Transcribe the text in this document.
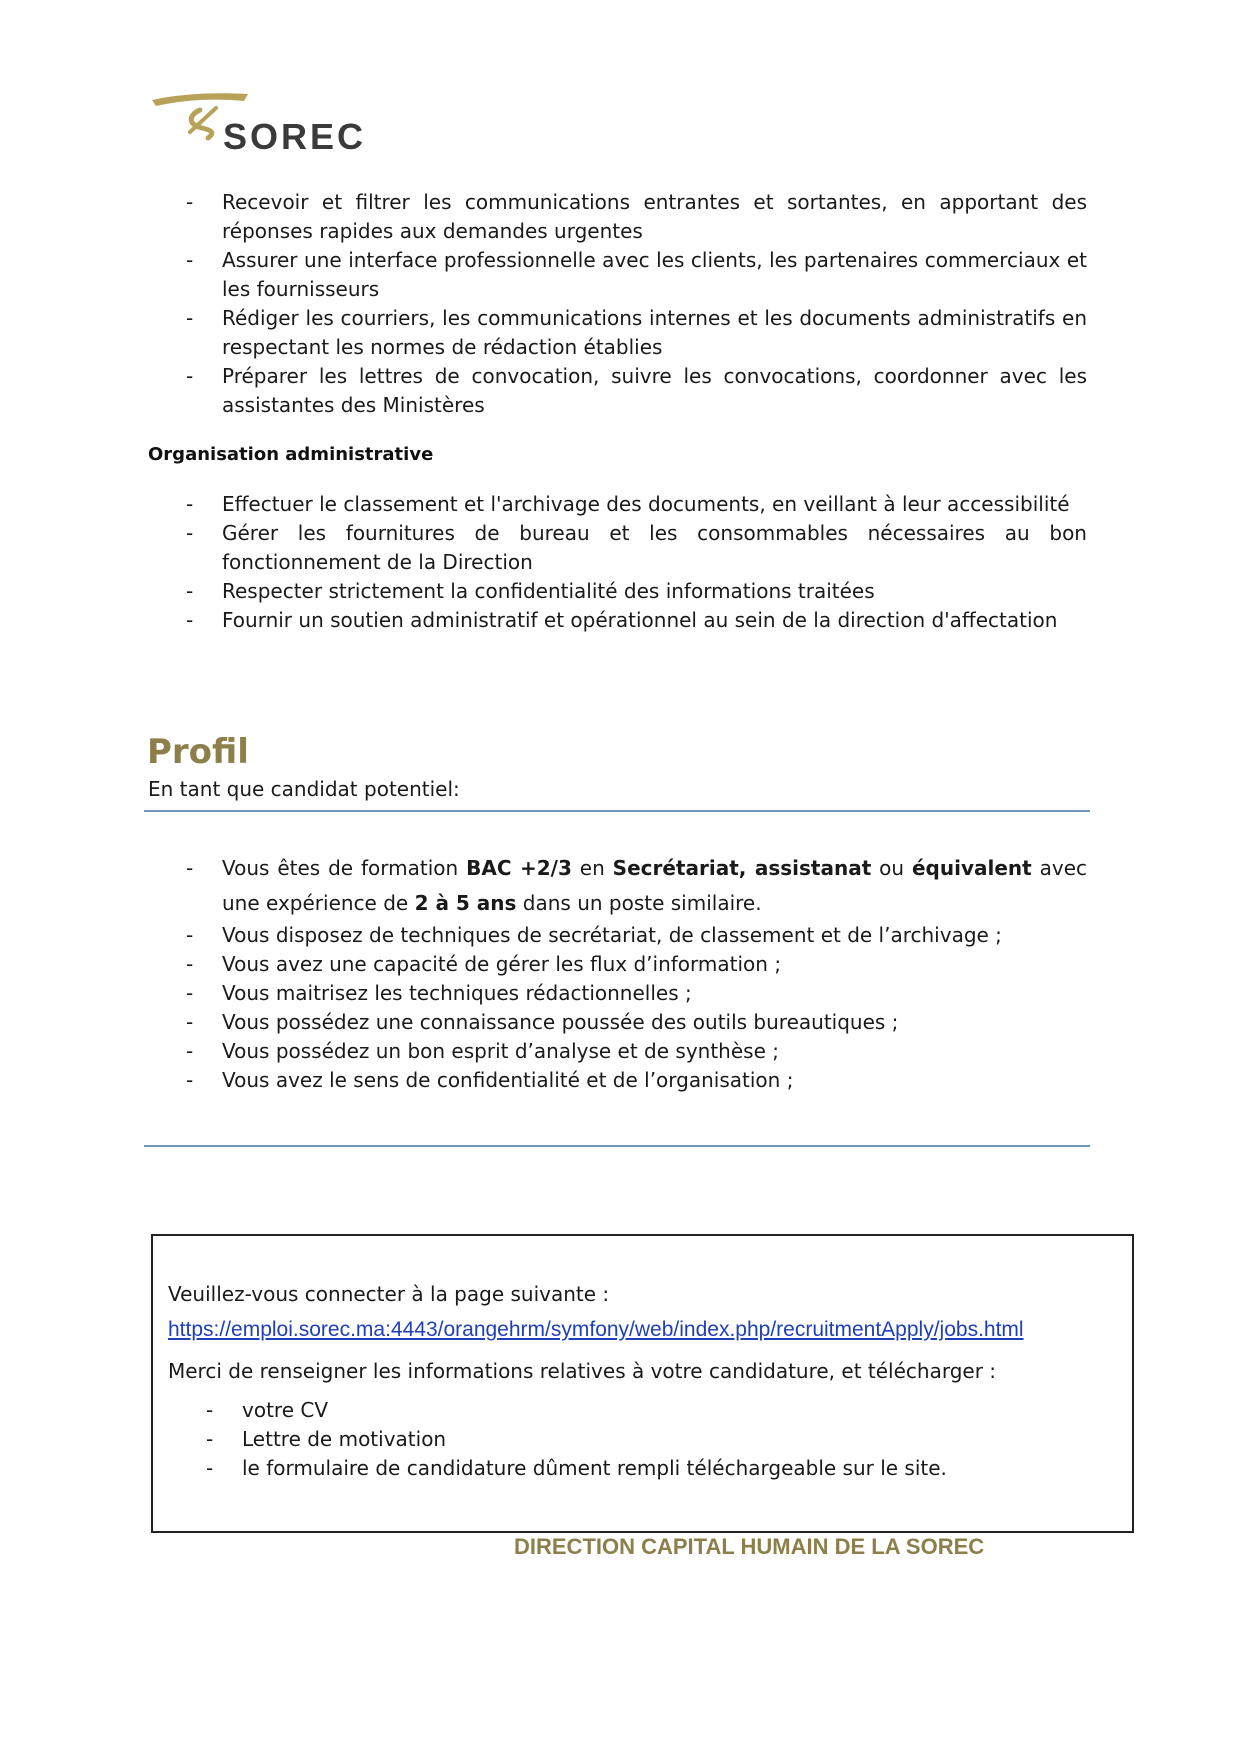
SOREC
- Recevoir et filtrer les communications entrantes et sortantes, en apportant des réponses rapides aux demandes urgentes
- Assurer une interface professionnelle avec les clients, les partenaires commerciaux et les fournisseurs
- Rédiger les courriers, les communications internes et les documents administratifs en respectant les normes de rédaction établies
- Préparer les lettres de convocation, suivre les convocations, coordonner avec les assistantes des Ministères
Organisation administrative
- Effectuer le classement et l'archivage des documents, en veillant à leur accessibilité
- Gérer les fournitures de bureau et les consommables nécessaires au bon fonctionnement de la Direction
- Respecter strictement la confidentialité des informations traitées
- Fournir un soutien administratif et opérationnel au sein de la direction d'affectation
Profil
En tant que candidat potentiel:
- Vous êtes de formation BAC +2/3 en Secrétariat, assistanat ou équivalent avec une expérience de 2 à 5 ans dans un poste similaire.
- Vous disposez de techniques de secrétariat, de classement et de l’archivage ;
- Vous avez une capacité de gérer les flux d’information ;
- Vous maitrisez les techniques rédactionnelles ;
- Vous possédez une connaissance poussée des outils bureautiques ;
- Vous possédez un bon esprit d’analyse et de synthèse ;
- Vous avez le sens de confidentialité et de l’organisation ;
Veuillez-vous connecter à la page suivante :
https://emploi.sorec.ma:4443/orangehrm/symfony/web/index.php/recruitmentApply/jobs.html
Merci de renseigner les informations relatives à votre candidature, et télécharger :
- votre CV
- Lettre de motivation
- le formulaire de candidature dûment rempli téléchargeable sur le site.
DIRECTION CAPITAL HUMAIN DE LA SOREC
